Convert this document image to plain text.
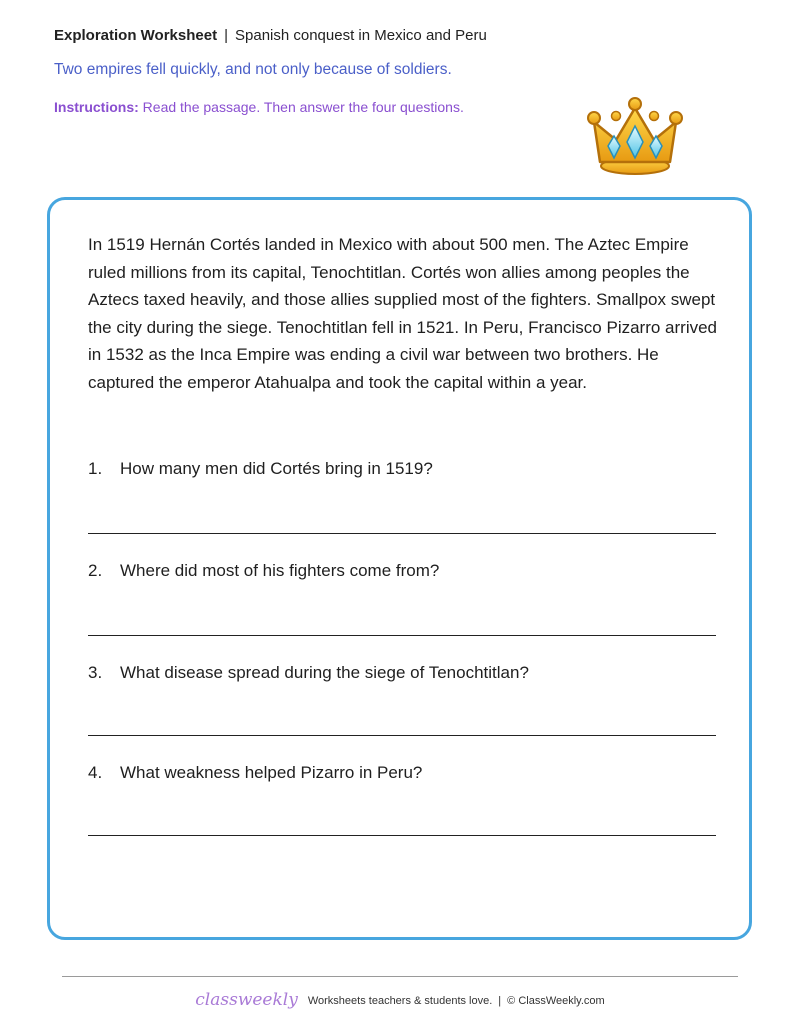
Exploration Worksheet | Spanish conquest in Mexico and Peru
Two empires fell quickly, and not only because of soldiers.
Instructions: Read the passage. Then answer the four questions.

In 1519 Hernán Cortés landed in Mexico with about 500 men. The Aztec Empire ruled millions from its capital, Tenochtitlan. Cortés won allies among peoples the Aztecs taxed heavily, and those allies supplied most of the fighters. Smallpox swept the city during the siege. Tenochtitlan fell in 1521. In Peru, Francisco Pizarro arrived in 1532 as the Inca Empire was ending a civil war between two brothers. He captured the emperor Atahualpa and took the capital within a year.

1. How many men did Cortés bring in 1519?
2. Where did most of his fighters come from?
3. What disease spread during the siege of Tenochtitlan?
4. What weakness helped Pizarro in Peru?
classweekly Worksheets teachers & students love. | © ClassWeekly.com
